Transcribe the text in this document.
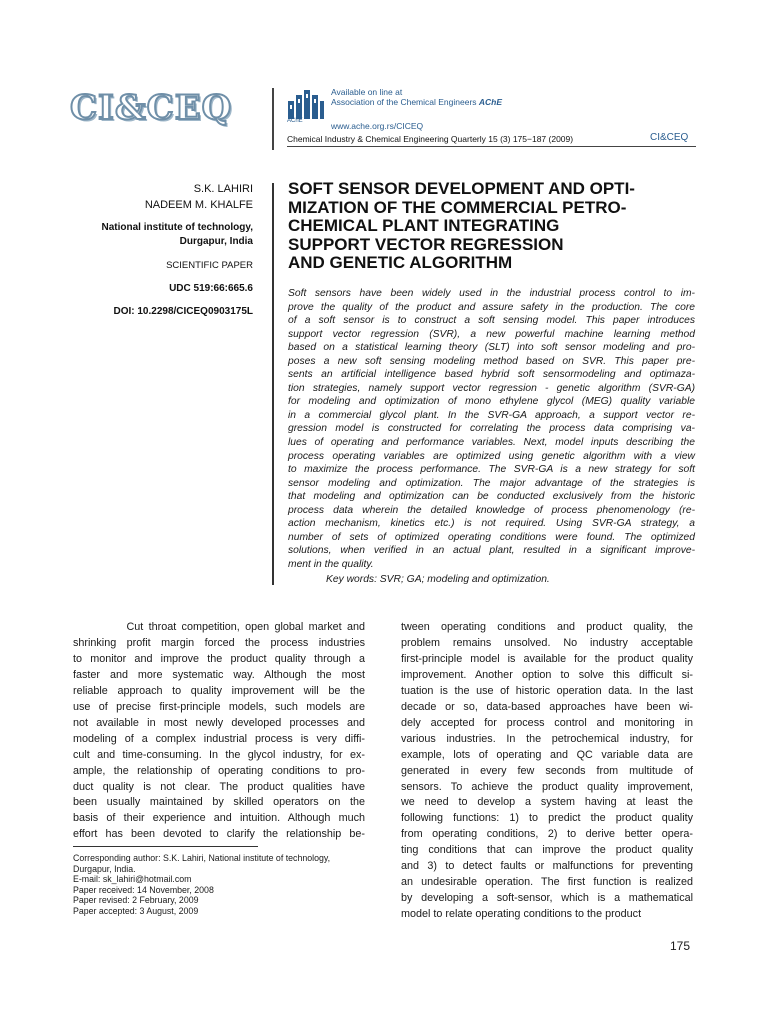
CI&CEQ	Available on line at
Association of the Chemical Engineers AChE
AChE	www.ache.org.rs/CICEQ
Chemical Industry & Chemical Engineering Quarterly 15 (3) 175−187 (2009)	CI&CEQ
S.K. LAHIRI
NADEEM M. KHALFE
National institute of technology,
Durgapur, India
SCIENTIFIC PAPER
UDC 519:66:665.6
DOI: 10.2298/CICEQ0903175L
SOFT SENSOR DEVELOPMENT AND OPTI-
MIZATION OF THE COMMERCIAL PETRO-
CHEMICAL PLANT INTEGRATING
SUPPORT VECTOR REGRESSION
AND GENETIC ALGORITHM
Soft sensors have been widely used in the industrial process control to im-
prove the quality of the product and assure safety in the production. The core
of a soft sensor is to construct a soft sensing model. This paper introduces
support vector regression (SVR), a new powerful machine learning method
based on a statistical learning theory (SLT) into soft sensor modeling and pro-
poses a new soft sensing modeling method based on SVR. This paper pre-
sents an artificial intelligence based hybrid soft sensormodeling and optimaza-
tion strategies, namely support vector regression - genetic algorithm (SVR-GA)
for modeling and optimization of mono ethylene glycol (MEG) quality variable
in a commercial glycol plant. In the SVR-GA approach, a support vector re-
gression model is constructed for correlating the process data comprising va-
lues of operating and performance variables. Next, model inputs describing the
process operating variables are optimized using genetic algorithm with a view
to maximize the process performance. The SVR-GA is a new strategy for soft
sensor modeling and optimization. The major advantage of the strategies is
that modeling and optimization can be conducted exclusively from the historic
process data wherein the detailed knowledge of process phenomenology (re-
action mechanism, kinetics etc.) is not required. Using SVR-GA strategy, a
number of sets of optimized operating conditions were found. The optimized
solutions, when verified in an actual plant, resulted in a significant improve-
ment in the quality.
Key words: SVR; GA; modeling and optimization.
Cut throat competition, open global market and
shrinking profit margin forced the process industries
to monitor and improve the product quality through a
faster and more systematic way. Although the most
reliable approach to quality improvement will be the
use of precise first-principle models, such models are
not available in most newly developed processes and
modeling of a complex industrial process is very diffi-
cult and time-consuming. In the glycol industry, for ex-
ample, the relationship of operating conditions to pro-
duct quality is not clear. The product qualities have
been usually maintained by skilled operators on the
basis of their experience and intuition. Although much
effort has been devoted to clarify the relationship be-
tween operating conditions and product quality, the
problem remains unsolved. No industry acceptable
first-principle model is available for the product quality
improvement. Another option to solve this difficult si-
tuation is the use of historic operation data. In the last
decade or so, data-based approaches have been wi-
dely accepted for process control and monitoring in
various industries. In the petrochemical industry, for
example, lots of operating and QC variable data are
generated in every few seconds from multitude of
sensors. To achieve the product quality improvement,
we need to develop a system having at least the
following functions: 1) to predict the product quality
from operating conditions, 2) to derive better opera-
ting conditions that can improve the product quality
and 3) to detect faults or malfunctions for preventing
an undesirable operation. The first function is realized
by developing a soft-sensor, which is a mathematical
model to relate operating conditions to the product
Corresponding author: S.K. Lahiri, National institute of technology,
Durgapur, India.
E-mail: sk_lahiri@hotmail.com
Paper received: 14 November, 2008
Paper revised: 2 February, 2009
Paper accepted: 3 August, 2009
175
